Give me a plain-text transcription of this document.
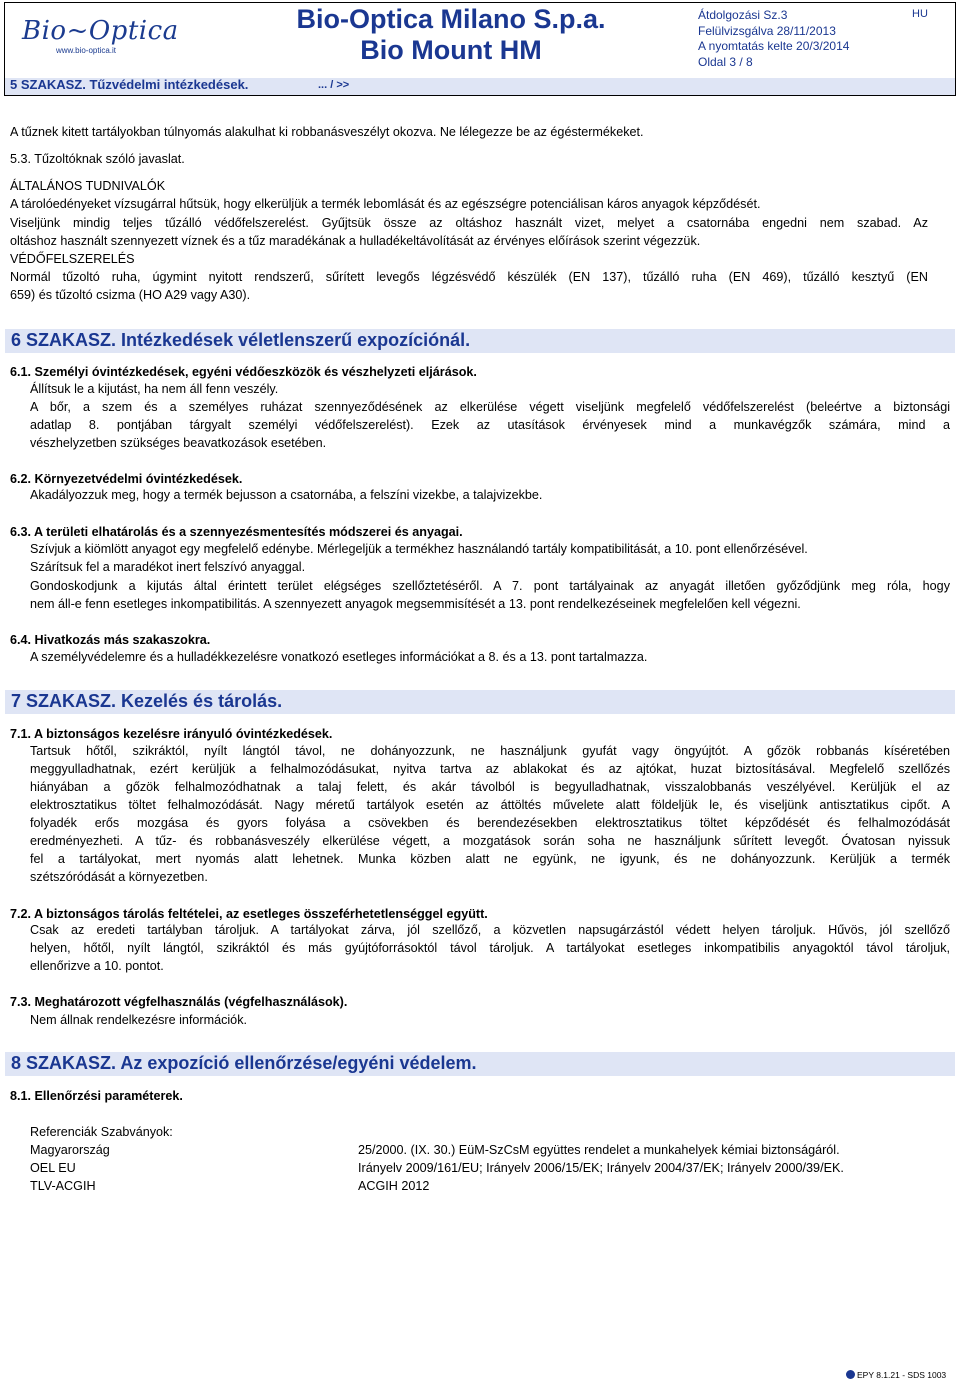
Bio~Optica
www.bio-optica.it
Bio-Optica Milano S.p.a.
Bio Mount HM
Átdolgozási Sz.3
Felülvizsgálva 28/11/2013
A nyomtatás kelte 20/3/2014
Oldal 3 / 8
HU
5 SZAKASZ. Tűzvédelmi intézkedések.	... / >>
A tűznek kitett tartályokban túlnyomás alakulhat ki robbanásveszélyt okozva. Ne lélegezze be az égéstermékeket.
5.3. Tűzoltóknak szóló javaslat.
ÁLTALÁNOS TUDNIVALÓK
A tárolóedényeket vízsugárral hűtsük, hogy elkerüljük a termék lebomlását és az egészségre potenciálisan káros anyagok képződését.
Viseljünk mindig teljes tűzálló védőfelszerelést. Gyűjtsük össze az oltáshoz használt vizet, melyet a csatornába engedni nem szabad. Az
oltáshoz használt szennyezett víznek és a tűz maradékának a hulladékeltávolítását az érvényes előírások szerint végezzük.
VÉDŐFELSZERELÉS
Normál tűzoltó ruha, úgymint nyitott rendszerű, sűrített levegős légzésvédő készülék (EN 137), tűzálló ruha (EN 469), tűzálló kesztyű (EN
659) és tűzoltó csizma (HO A29 vagy A30).
6 SZAKASZ. Intézkedések véletlenszerű expozíciónál.
6.1. Személyi óvintézkedések, egyéni védőeszközök és vészhelyzeti eljárások.
Állítsuk le a kijutást, ha nem áll fenn veszély.
A bőr, a szem és a személyes ruházat szennyeződésének az elkerülése végett viseljünk megfelelő védőfelszerelést (beleértve a biztonsági
adatlap 8. pontjában tárgyalt személyi védőfelszerelést). Ezek az utasítások érvényesek mind a munkavégzők számára, mind a
vészhelyzetben szükséges beavatkozások esetében.
6.2. Környezetvédelmi óvintézkedések.
Akadályozzuk meg, hogy a termék bejusson a csatornába, a felszíni vizekbe, a talajvizekbe.
6.3. A területi elhatárolás és a szennyezésmentesítés módszerei és anyagai.
Szívjuk a kiömlött anyagot egy megfelelő edénybe. Mérlegeljük a termékhez használandó tartály kompatibilitását, a 10. pont ellenőrzésével.
Szárítsuk fel a maradékot inert felszívó anyaggal.
Gondoskodjunk a kijutás által érintett terület elégséges szellőztetéséről. A 7. pont tartályainak az anyagát illetően győződjünk meg róla, hogy
nem áll-e fenn esetleges inkompatibilitás. A szennyezett anyagok megsemmisítését a 13. pont rendelkezéseinek megfelelően kell végezni.
6.4. Hivatkozás más szakaszokra.
A személyvédelemre és a hulladékkezelésre vonatkozó esetleges információkat a 8. és a 13. pont tartalmazza.
7 SZAKASZ. Kezelés és tárolás.
7.1. A biztonságos kezelésre irányuló óvintézkedések.
Tartsuk hőtől, szikráktól, nyílt lángtól távol, ne dohányozzunk, ne használjunk gyufát vagy öngyújtót. A gőzök robbanás kíséretében
meggyulladhatnak, ezért kerüljük a felhalmozódásukat, nyitva tartva az ablakokat és az ajtókat, huzat biztosításával. Megfelelő szellőzés
hiányában a gőzök felhalmozódhatnak a talaj felett, és akár távolból is begyulladhatnak, visszalobbanás veszélyével. Kerüljük el az
elektrosztatikus töltet felhalmozódását. Nagy méretű tartályok esetén az áttöltés művelete alatt földeljük le, és viseljünk antisztatikus cipőt. A
folyadék erős mozgása és gyors folyása a csövekben és berendezésekben elektrosztatikus töltet képződését és felhalmozódását
eredményezheti. A tűz- és robbanásveszély elkerülése végett, a mozgatások során soha ne használjunk sűrített levegőt. Óvatosan nyissuk
fel a tartályokat, mert nyomás alatt lehetnek. Munka közben alatt ne együnk, ne igyunk, és ne dohányozzunk. Kerüljük a termék
szétszóródását a környezetben.
7.2. A biztonságos tárolás feltételei, az esetleges összeférhetetlenséggel együtt.
Csak az eredeti tartályban tároljuk. A tartályokat zárva, jól szellőző, a közvetlen napsugárzástól védett helyen tároljuk. Hűvös, jól szellőző
helyen, hőtől, nyílt lángtól, szikráktól és más gyújtóforrásoktól távol tároljuk. A tartályokat esetleges inkompatibilis anyagoktól távol tároljuk,
ellenőrizve a 10. pontot.
7.3. Meghatározott végfelhasználás (végfelhasználások).
Nem állnak rendelkezésre információk.
8 SZAKASZ. Az expozíció ellenőrzése/egyéni védelem.
8.1. Ellenőrzési paraméterek.
Referenciák Szabványok:
Magyarország	25/2000. (IX. 30.) EüM-SzCsM együttes rendelet a munkahelyek kémiai biztonságáról.
OEL EU	Irányelv 2009/161/EU; Irányelv 2006/15/EK; Irányelv 2004/37/EK; Irányelv 2000/39/EK.
TLV-ACGIH	ACGIH 2012
EPY 8.1.21 - SDS 1003
